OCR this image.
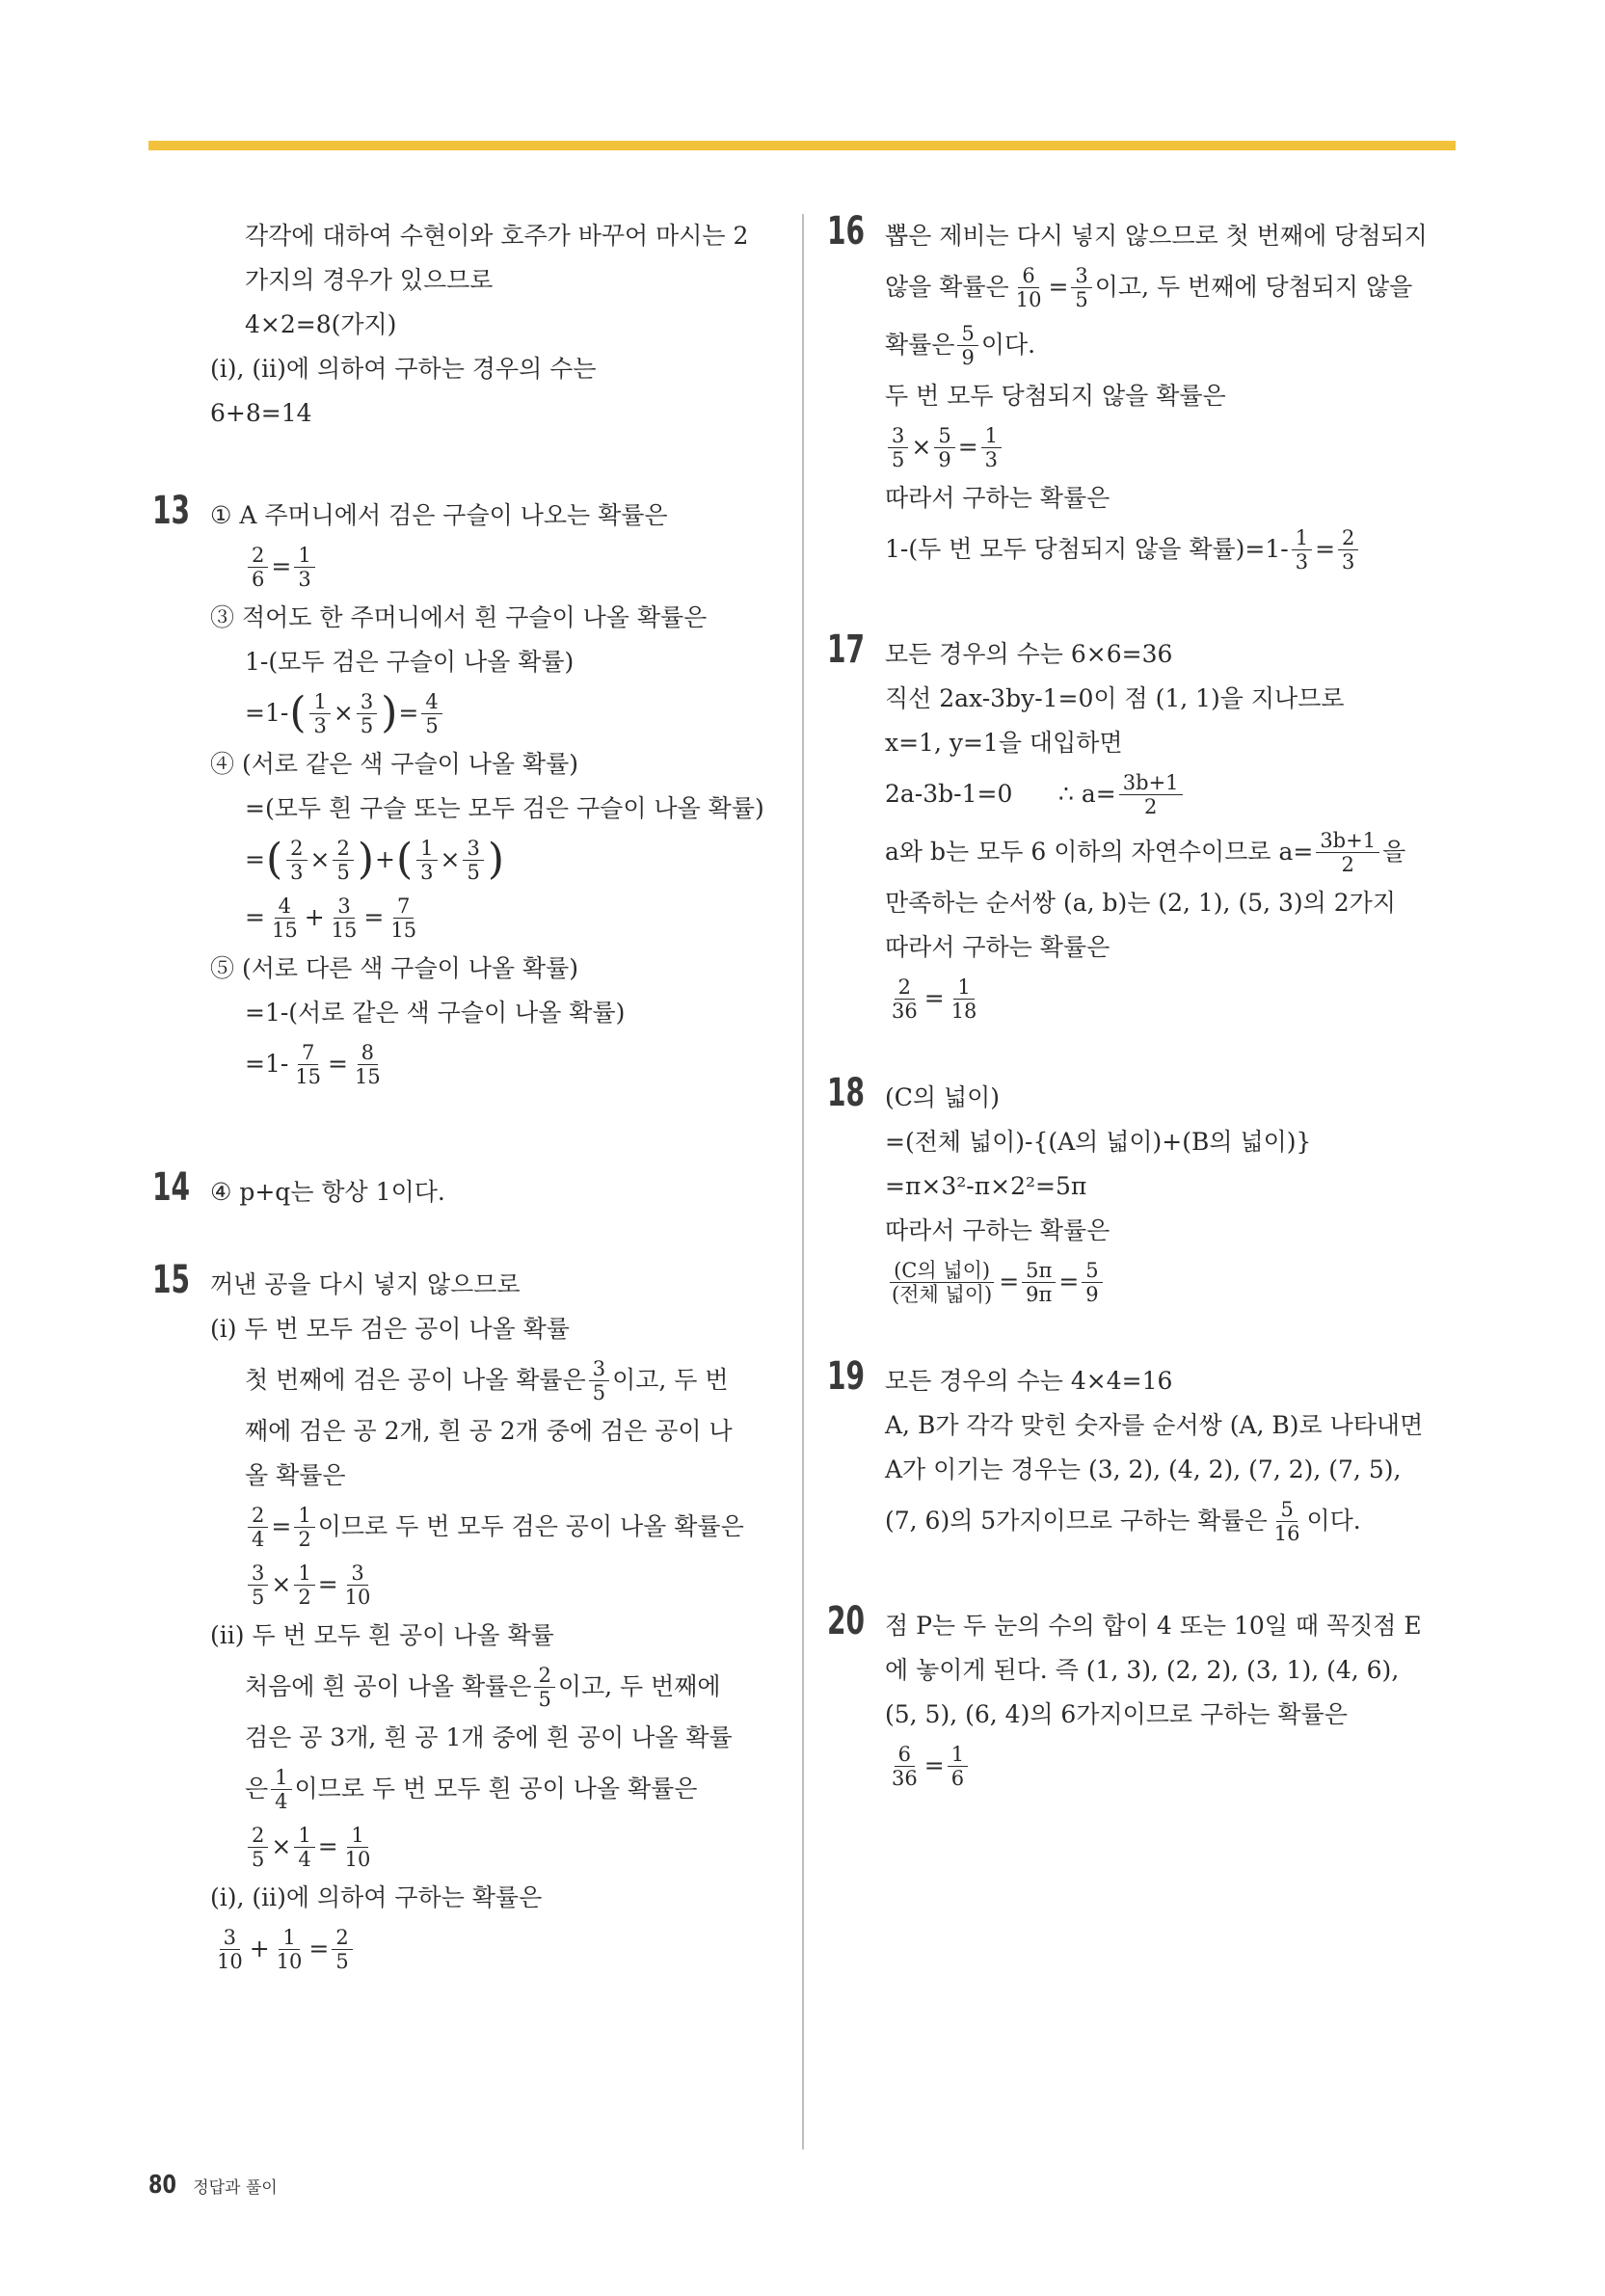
각각에 대하여 수현이와 호주가 바꾸어 마시는 2
가지의 경우가 있으므로
4×2=8(가지)
(ⅰ), (ⅱ)에 의하여 구하는 경우의 수는
6+8=14
13 ① A 주머니에서 검은 구슬이 나오는 확률은
$\frac{2}{6} = \frac{1}{3}$
③ 적어도 한 주머니에서 흰 구슬이 나올 확률은
1-(모두 검은 구슬이 나올 확률)
=1- ( $\frac{1}{3} \times \frac{3}{5}$ ) = $\frac{4}{5}$
④ (서로 같은 색 구슬이 나올 확률)
=(모두 흰 구슬 또는 모두 검은 구슬이 나올 확률)
= ( $\frac{2}{3} \times \frac{2}{5}$ ) + ( $\frac{1}{3} \times \frac{3}{5}$ )
= $\frac{4}{15} + \frac{3}{15} = \frac{7}{15}$
⑤ (서로 다른 색 구슬이 나올 확률)
=1-(서로 같은 색 구슬이 나올 확률)
$=1- \frac{7}{15} = \frac{8}{15}$
14 ④ p+q는 항상 1이다.
15 꺼낸 공을 다시 넣지 않으므로
(ⅰ) 두 번 모두 검은 공이 나올 확률
첫 번째에 검은 공이 나올 확률은 $\frac{3}{5}$ 이고, 두 번
째에 검은 공 2개, 흰 공 2개 중에 검은 공이 나
올 확률은
$\frac{2}{4} = \frac{1}{2}$ 이므로 두 번 모두 검은 공이 나올 확률은
$\frac{3}{5} \times \frac{1}{2} = \frac{3}{10}$
(ⅱ) 두 번 모두 흰 공이 나올 확률
처음에 흰 공이 나올 확률은 $\frac{2}{5}$ 이고, 두 번째에
검은 공 3개, 흰 공 1개 중에 흰 공이 나올 확률
은 $\frac{1}{4}$ 이므로 두 번 모두 흰 공이 나올 확률은
$\frac{2}{5} \times \frac{1}{4} = \frac{1}{10}$
(ⅰ), (ⅱ)에 의하여 구하는 확률은
$\frac{3}{10} + \frac{1}{10} = \frac{2}{5}$
16 뽑은 제비는 다시 넣지 않으므로 첫 번째에 당첨되지
않을 확률은 $\frac{6}{10} = \frac{3}{5}$ 이고, 두 번째에 당첨되지 않을
확률은 $\frac{5}{9}$ 이다.
두 번 모두 당첨되지 않을 확률은
$\frac{3}{5} \times \frac{5}{9} = \frac{1}{3}$
따라서 구하는 확률은
1-(두 번 모두 당첨되지 않을 확률)$=1- \frac{1}{3} = \frac{2}{3}$
17 모든 경우의 수는 6×6=36
직선 2ax-3by-1=0이 점 (1, 1)을 지나므로
x=1, y=1을 대입하면
2a-3b-1=0      ∴ $a= \frac{3b+1}{2}$
a와 b는 모두 6 이하의 자연수이므로 $a= \frac{3b+1}{2}$ 을
만족하는 순서쌍 (a, b)는 (2, 1), (5, 3)의 2가지
따라서 구하는 확률은
$\frac{2}{36} = \frac{1}{18}$
18 (C의 넓이)
=(전체 넓이)-{(A의 넓이)+(B의 넓이)}
=π×3²-π×2²=5π
따라서 구하는 확률은
$\frac{\text{(C의 넓이)}}{\text{(전체 넓이)}} = \frac{5\pi}{9\pi} = \frac{5}{9}$
19 모든 경우의 수는 4×4=16
A, B가 각각 맞힌 숫자를 순서쌍 (A, B)로 나타내면
A가 이기는 경우는 (3, 2), (4, 2), (7, 2), (7, 5),
(7, 6)의 5가지이므로 구하는 확률은 $\frac{5}{16}$ 이다.
20 점 P는 두 눈의 수의 합이 4 또는 10일 때 꼭짓점 E
에 놓이게 된다. 즉 (1, 3), (2, 2), (3, 1), (4, 6),
(5, 5), (6, 4)의 6가지이므로 구하는 확률은
$\frac{6}{36} = \frac{1}{6}$
80 정답과 풀이
